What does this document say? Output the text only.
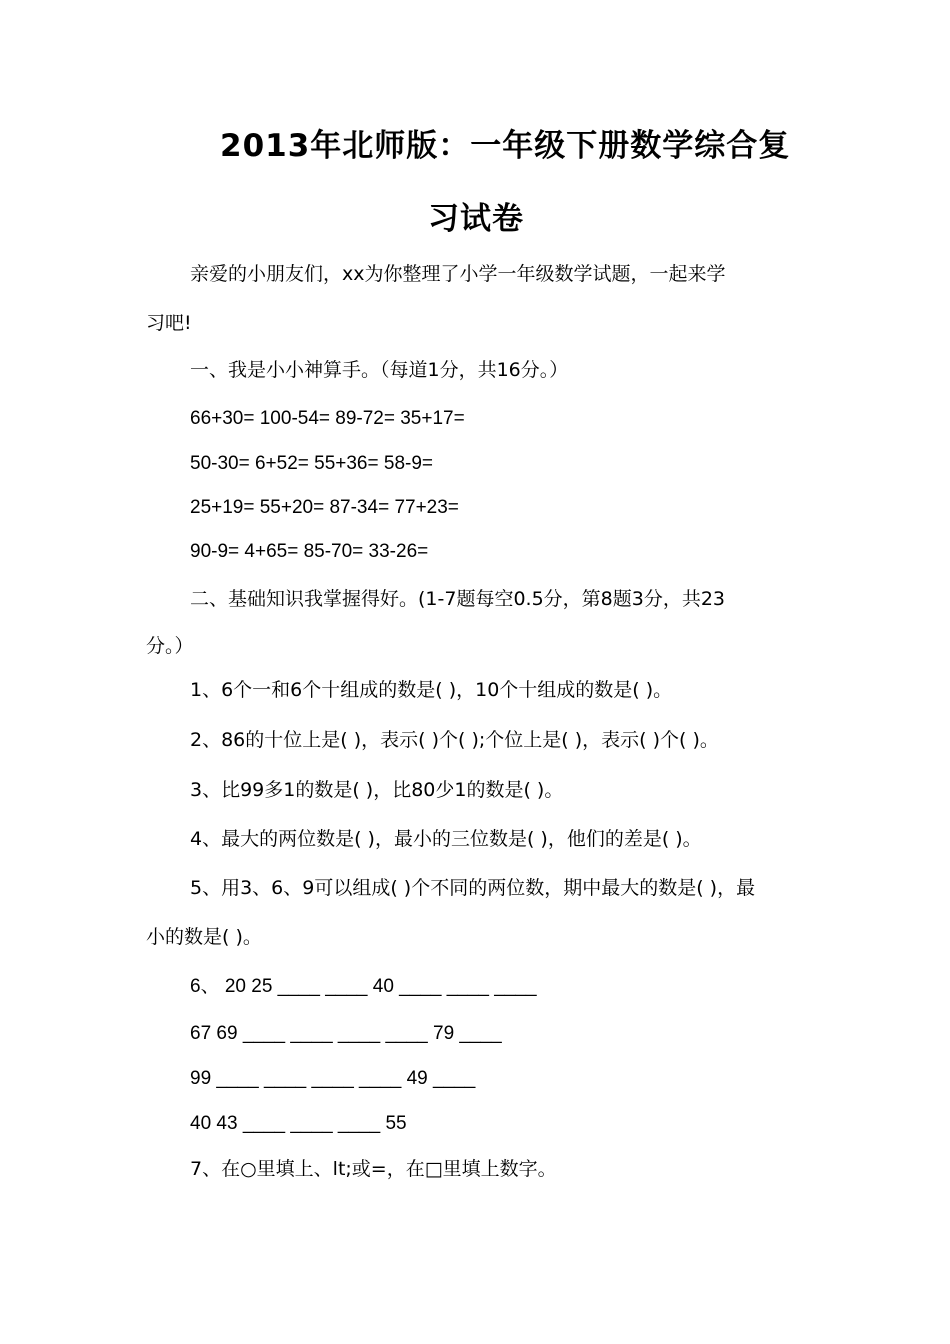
2013年北师版：一年级下册数学综合复
习试卷
亲爱的小朋友们，xx为你整理了小学一年级数学试题，一起来学
习吧!
一、我是小小神算手。（每道1分，共16分。）
66+30= 100-54= 89-72= 35+17=
50-30= 6+52= 55+36= 58-9=
25+19= 55+20= 87-34= 77+23=
90-9= 4+65= 85-70= 33-26=
二、基础知识我掌握得好。(1-7题每空0.5分，第8题3分，共23
分。）
1、6个一和6个十组成的数是( )，10个十组成的数是( )。
2、86的十位上是( )，表示( )个( );个位上是( )，表示( )个( )。
3、比99多1的数是( )，比80少1的数是( )。
4、最大的两位数是( )，最小的三位数是( )，他们的差是( )。
5、用3、6、9可以组成( )个不同的两位数，期中最大的数是( )，最
小的数是( )。
6、 20 25 ____ ____ 40 ____ ____ ____
67 69 ____ ____ ____ ____ 79 ____
99 ____ ____ ____ ____ 49 ____
40 43 ____ ____ ____ 55
7、在○里填上、lt;或=，在□里填上数字。
